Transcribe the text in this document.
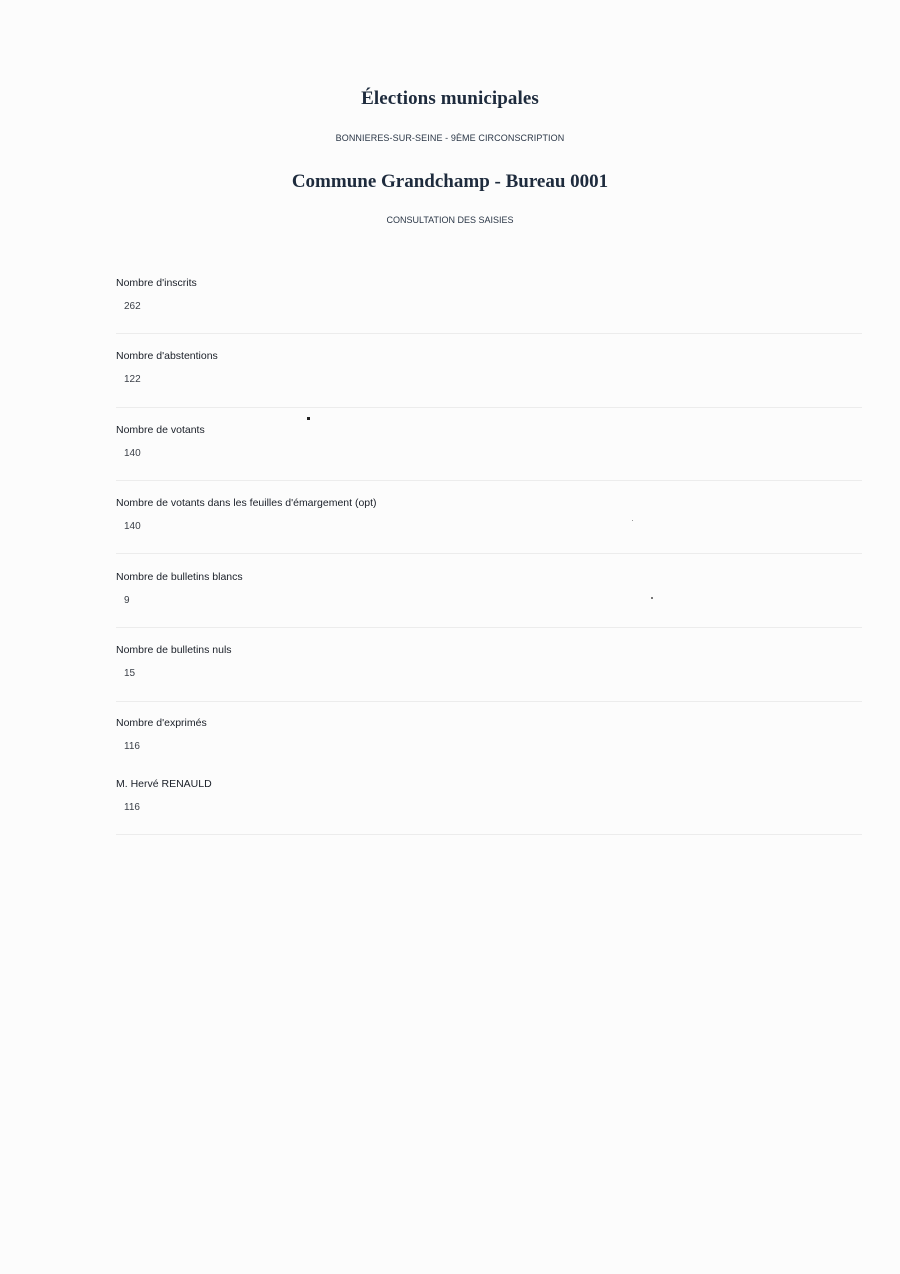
Élections municipales

BONNIERES-SUR-SEINE - 9ÈME CIRCONSCRIPTION

Commune Grandchamp - Bureau 0001

CONSULTATION DES SAISIES

Nombre d'inscrits
262
Nombre d'abstentions
122
Nombre de votants
140
Nombre de votants dans les feuilles d'émargement (opt)
140
Nombre de bulletins blancs
9
Nombre de bulletins nuls
15
Nombre d'exprimés
116
M. Hervé RENAULD
116
